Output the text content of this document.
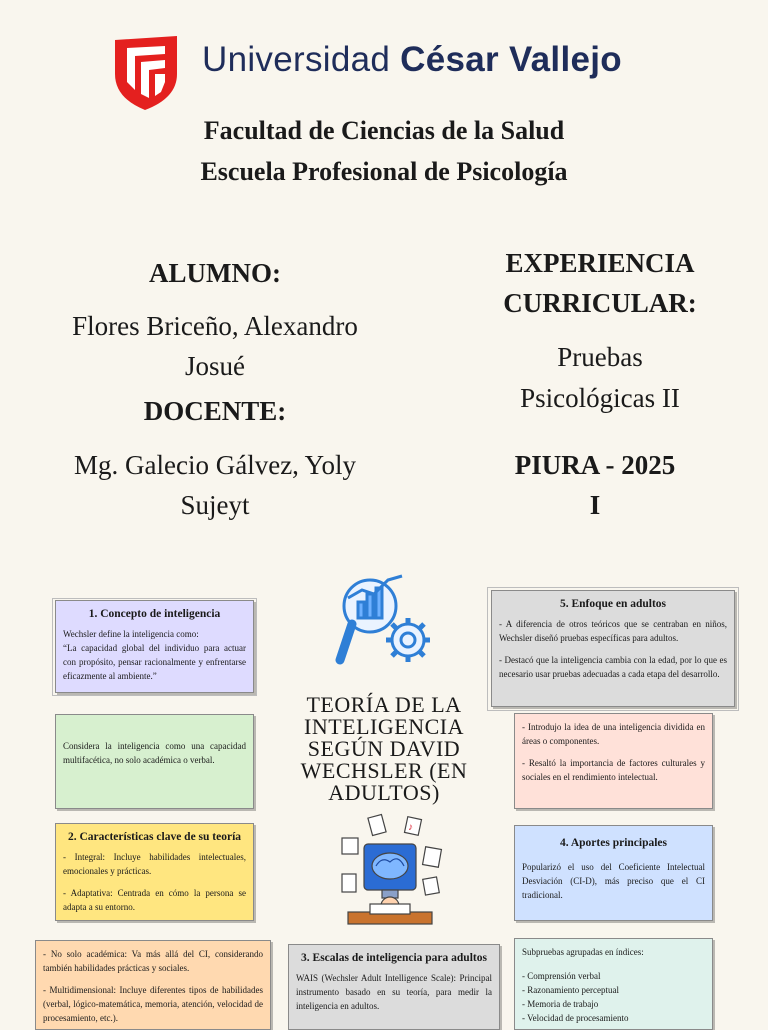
Universidad César Vallejo
Facultad de Ciencias de la Salud
Escuela Profesional de Psicología
ALUMNO:
Flores Briceño, Alexandro
Josué
DOCENTE:
Mg. Galecio Gálvez, Yoly
Sujeyt
EXPERIENCIA
CURRICULAR:
Pruebas
Psicológicas II
PIURA - 2025
I
TEORÍA DE LA
INTELIGENCIA
SEGÚN DAVID
WECHSLER (EN
ADULTOS)
♪
1. Concepto de inteligencia
Wechsler define la inteligencia como:
“La capacidad global del individuo para actuar con propósito, pensar racionalmente y enfrentarse eficazmente al ambiente.”
Considera la inteligencia como una capacidad multifacética, no solo académica o verbal.
2. Características clave de su teoría

- Integral: Incluye habilidades intelectuales, emocionales y prácticas.

- Adaptativa: Centrada en cómo la persona se adapta a su entorno.

- No solo académica: Va más allá del CI, considerando también habilidades prácticas y sociales.

- Multidimensional: Incluye diferentes tipos de habilidades (verbal, lógico-matemática, memoria, atención, velocidad de procesamiento, etc.).

3. Escalas de inteligencia para adultos
WAIS (Wechsler Adult Intelligence Scale): Principal instrumento basado en su teoría, para medir la inteligencia en adultos.
5. Enfoque en adultos

- A diferencia de otros teóricos que se centraban en niños, Wechsler diseñó pruebas específicas para adultos.

- Destacó que la inteligencia cambia con la edad, por lo que es necesario usar pruebas adecuadas a cada etapa del desarrollo.

- Introdujo la idea de una inteligencia dividida en áreas o componentes.

- Resaltó la importancia de factores culturales y sociales en el rendimiento intelectual.

4. Aportes principales
Popularizó el uso del Coeficiente Intelectual Desviación (CI-D), más preciso que el CI tradicional.
Subpruebas agrupadas en índices:
- Comprensión verbal
- Razonamiento perceptual
- Memoria de trabajo
- Velocidad de procesamiento
